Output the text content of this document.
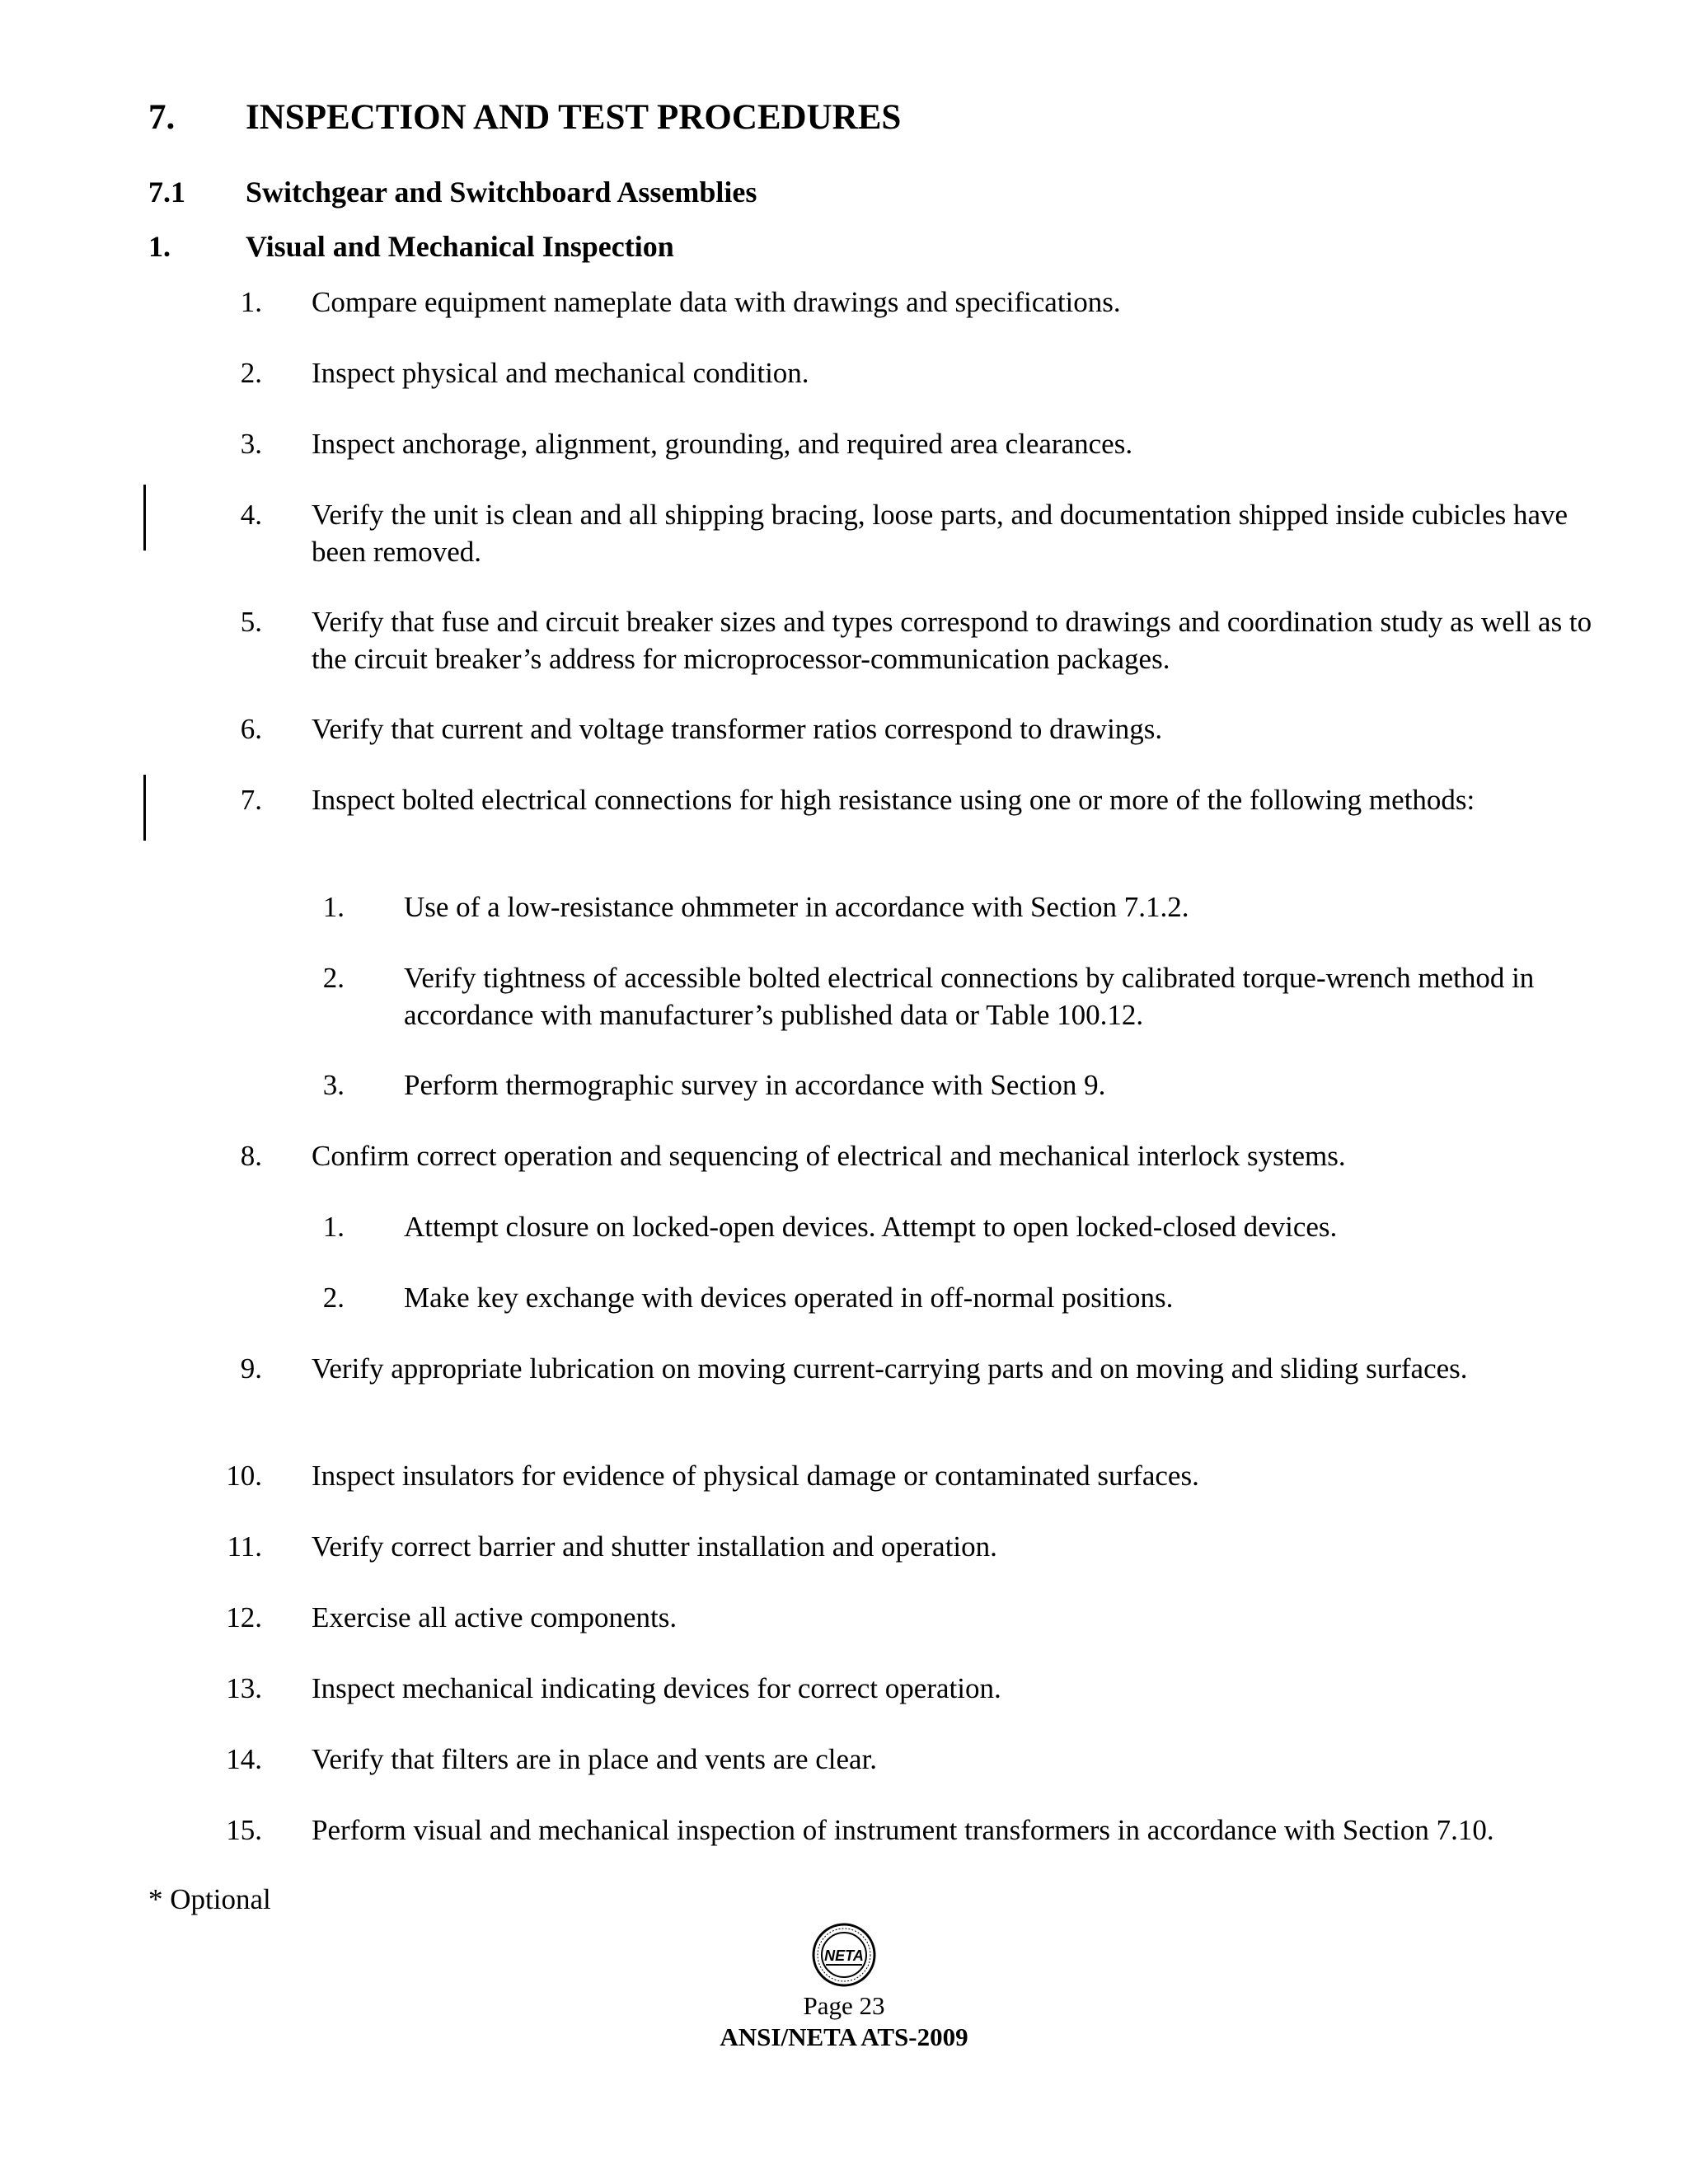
7. INSPECTION AND TEST PROCEDURES
7.1 Switchgear and Switchboard Assemblies
1.	Visual and Mechanical Inspection
1. Compare equipment nameplate data with drawings and specifications.
2. Inspect physical and mechanical condition.
3. Inspect anchorage, alignment, grounding, and required area clearances.
4. Verify the unit is clean and all shipping bracing, loose parts, and documentation shipped inside cubicles have been removed.
5. Verify that fuse and circuit breaker sizes and types correspond to drawings and coordination study as well as to the circuit breaker’s address for microprocessor-communication packages.
6. Verify that current and voltage transformer ratios correspond to drawings.
7. Inspect bolted electrical connections for high resistance using one or more of the following methods:
1. Use of a low-resistance ohmmeter in accordance with Section 7.1.2.
2. Verify tightness of accessible bolted electrical connections by calibrated torque-wrench method in accordance with manufacturer’s published data or Table 100.12.
3. Perform thermographic survey in accordance with Section 9.
8. Confirm correct operation and sequencing of electrical and mechanical interlock systems.
1. Attempt closure on locked-open devices. Attempt to open locked-closed devices.
2. Make key exchange with devices operated in off-normal positions.
9. Verify appropriate lubrication on moving current-carrying parts and on moving and sliding surfaces.
10. Inspect insulators for evidence of physical damage or contaminated surfaces.
11. Verify correct barrier and shutter installation and operation.
12. Exercise all active components.
13. Inspect mechanical indicating devices for correct operation.
14. Verify that filters are in place and vents are clear.
15. Perform visual and mechanical inspection of instrument transformers in accordance with Section 7.10.
* Optional
NETA
Page 23
ANSI/NETA ATS-2009
